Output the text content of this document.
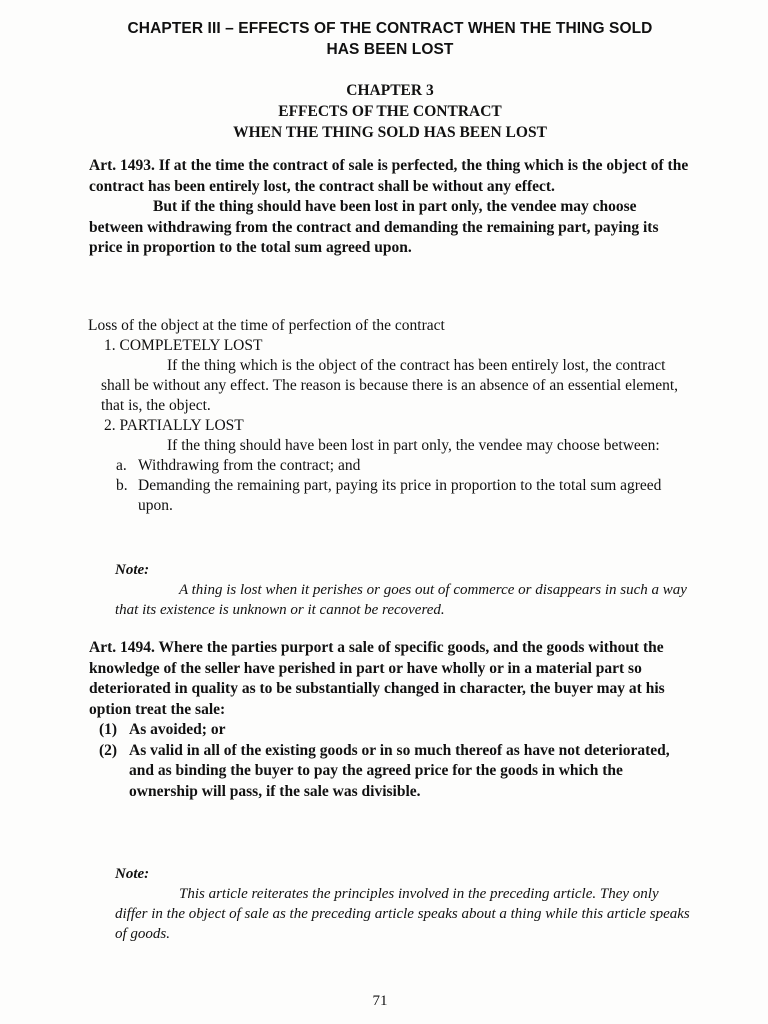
CHAPTER III – EFFECTS OF THE CONTRACT WHEN THE THING SOLD
HAS BEEN LOST
CHAPTER 3
EFFECTS OF THE CONTRACT
WHEN THE THING SOLD HAS BEEN LOST

Art. 1493. If at the time the contract of sale is perfected, the thing which is the object of the contract has been entirely lost, the contract shall be without any effect.

But if the thing should have been lost in part only, the vendee may choose between withdrawing from the contract and demanding the remaining part, paying its price in proportion to the total sum agreed upon.

Loss of the object at the time of perfection of the contract

1. COMPLETELY LOST

If the thing which is the object of the contract has been entirely lost, the contract shall be without any effect. The reason is because there is an absence of an essential element, that is, the object.

2. PARTIALLY LOST

If the thing should have been lost in part only, the vendee may choose between:

a. Withdrawing from the contract; and
b. Demanding the remaining part, paying its price in proportion to the total sum agreed upon.
Note:

A thing is lost when it perishes or goes out of commerce or disappears in such a way that its existence is unknown or it cannot be recovered.

Art. 1494. Where the parties purport a sale of specific goods, and the goods without the knowledge of the seller have perished in part or have wholly or in a material part so deteriorated in quality as to be substantially changed in character, the buyer may at his option treat the sale:

(1) As avoided; or
(2) As valid in all of the existing goods or in so much thereof as have not deteriorated, and as binding the buyer to pay the agreed price for the goods in which the ownership will pass, if the sale was divisible.
Note:

This article reiterates the principles involved in the preceding article. They only differ in the object of sale as the preceding article speaks about a thing while this article speaks of goods.

71
